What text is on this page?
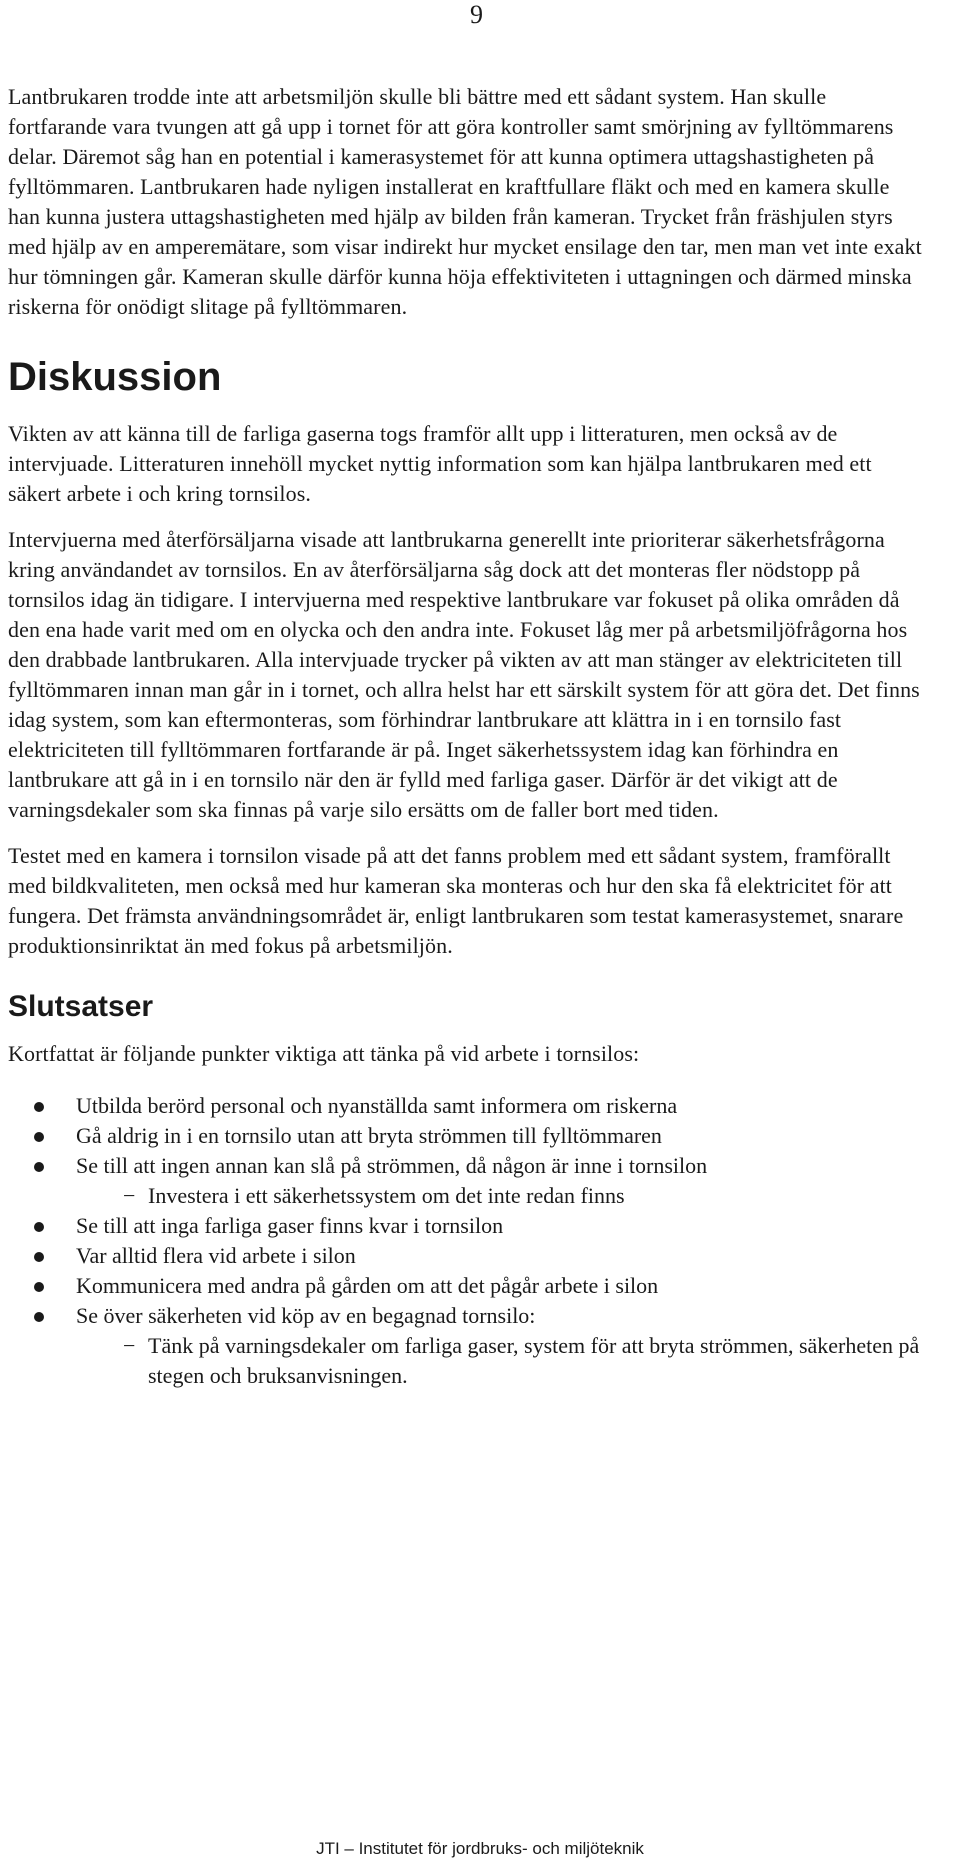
9

Lantbrukaren trodde inte att arbetsmiljön skulle bli bättre med ett sådant system. Han skulle fortfarande vara tvungen att gå upp i tornet för att göra kontroller samt smörjning av fylltömmarens delar. Däremot såg han en potential i kamerasystemet för att kunna optimera uttagshastigheten på fylltömmaren. Lantbrukaren hade nyligen installerat en kraftfullare fläkt och med en kamera skulle han kunna justera uttagshastigheten med hjälp av bilden från kameran. Trycket från fräshjulen styrs med hjälp av en amperemätare, som visar indirekt hur mycket ensilage den tar, men man vet inte exakt hur tömningen går. Kameran skulle därför kunna höja effektiviteten i uttagningen och därmed minska riskerna för onödigt slitage på fylltömmaren.

Diskussion

Vikten av att känna till de farliga gaserna togs framför allt upp i litteraturen, men också av de intervjuade. Litteraturen innehöll mycket nyttig information som kan hjälpa lantbrukaren med ett säkert arbete i och kring tornsilos.

Intervjuerna med återförsäljarna visade att lantbrukarna generellt inte prioriterar säkerhetsfrågorna kring användandet av tornsilos. En av återförsäljarna såg dock att det monteras fler nödstopp på tornsilos idag än tidigare. I intervjuerna med respektive lantbrukare var fokuset på olika områden då den ena hade varit med om en olycka och den andra inte. Fokuset låg mer på arbetsmiljöfrågorna hos den drabbade lantbrukaren. Alla intervjuade trycker på vikten av att man stänger av elektriciteten till fylltömmaren innan man går in i tornet, och allra helst har ett särskilt system för att göra det. Det finns idag system, som kan eftermonteras, som förhindrar lantbrukare att klättra in i en tornsilo fast elektriciteten till fylltömmaren fortfarande är på. Inget säkerhetssystem idag kan förhindra en lantbrukare att gå in i en tornsilo när den är fylld med farliga gaser. Därför är det vikigt att de varningsdekaler som ska finnas på varje silo ersätts om de faller bort med tiden.

Testet med en kamera i tornsilon visade på att det fanns problem med ett sådant system, framförallt med bildkvaliteten, men också med hur kameran ska monteras och hur den ska få elektricitet för att fungera. Det främsta användningsområdet är, enligt lantbrukaren som testat kamerasystemet, snarare produktionsinriktat än med fokus på arbetsmiljön.

Slutsatser

Kortfattat är följande punkter viktiga att tänka på vid arbete i tornsilos:

Utbilda berörd personal och nyanställda samt informera om riskerna
Gå aldrig in i en tornsilo utan att bryta strömmen till fylltömmaren
Se till att ingen annan kan slå på strömmen, då någon är inne i tornsilon
− Investera i ett säkerhetssystem om det inte redan finns
Se till att inga farliga gaser finns kvar i tornsilon
Var alltid flera vid arbete i silon
Kommunicera med andra på gården om att det pågår arbete i silon
Se över säkerheten vid köp av en begagnad tornsilo:
− Tänk på varningsdekaler om farliga gaser, system för att bryta strömmen, säkerheten på stegen och bruksanvisningen.
JTI – Institutet för jordbruks- och miljöteknik
